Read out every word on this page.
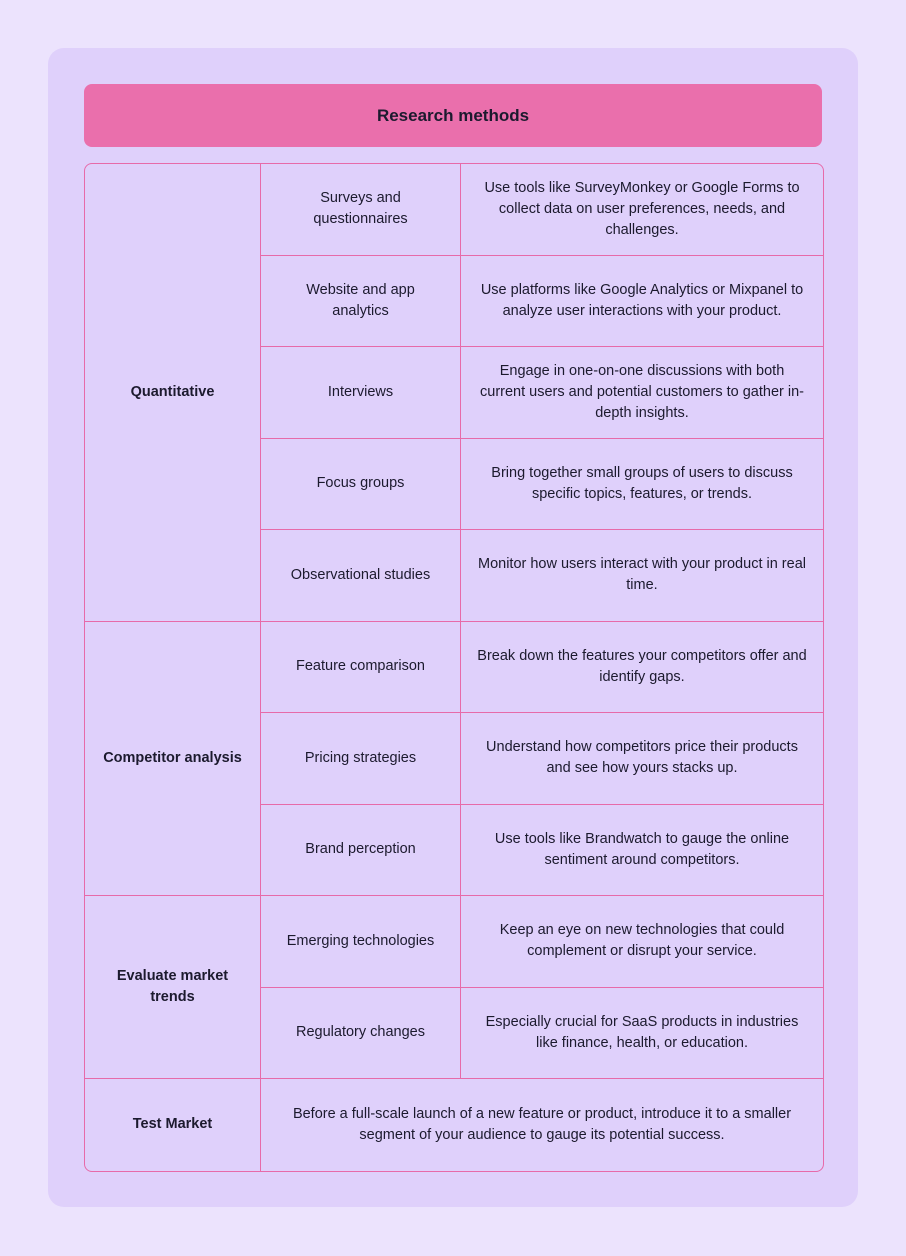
Research methods
Quantitative	Surveys and questionnaires	Use tools like SurveyMonkey or Google Forms to collect data on user preferences, needs, and challenges.
	Website and app analytics	Use platforms like Google Analytics or Mixpanel to analyze user interactions with your product.
	Interviews	Engage in one-on-one discussions with both current users and potential customers to gather in-depth insights.
	Focus groups	Bring together small groups of users to discuss specific topics, features, or trends.
	Observational studies	Monitor how users interact with your product in real time.
Competitor analysis	Feature comparison	Break down the features your competitors offer and identify gaps.
	Pricing strategies	Understand how competitors price their products and see how yours stacks up.
	Brand perception	Use tools like Brandwatch to gauge the online sentiment around competitors.
Evaluate market trends	Emerging technologies	Keep an eye on new technologies that could complement or disrupt your service.
	Regulatory changes	Especially crucial for SaaS products in industries like finance, health, or education.
Test Market	Before a full-scale launch of a new feature or product, introduce it to a smaller segment of your audience to gauge its potential success.	
